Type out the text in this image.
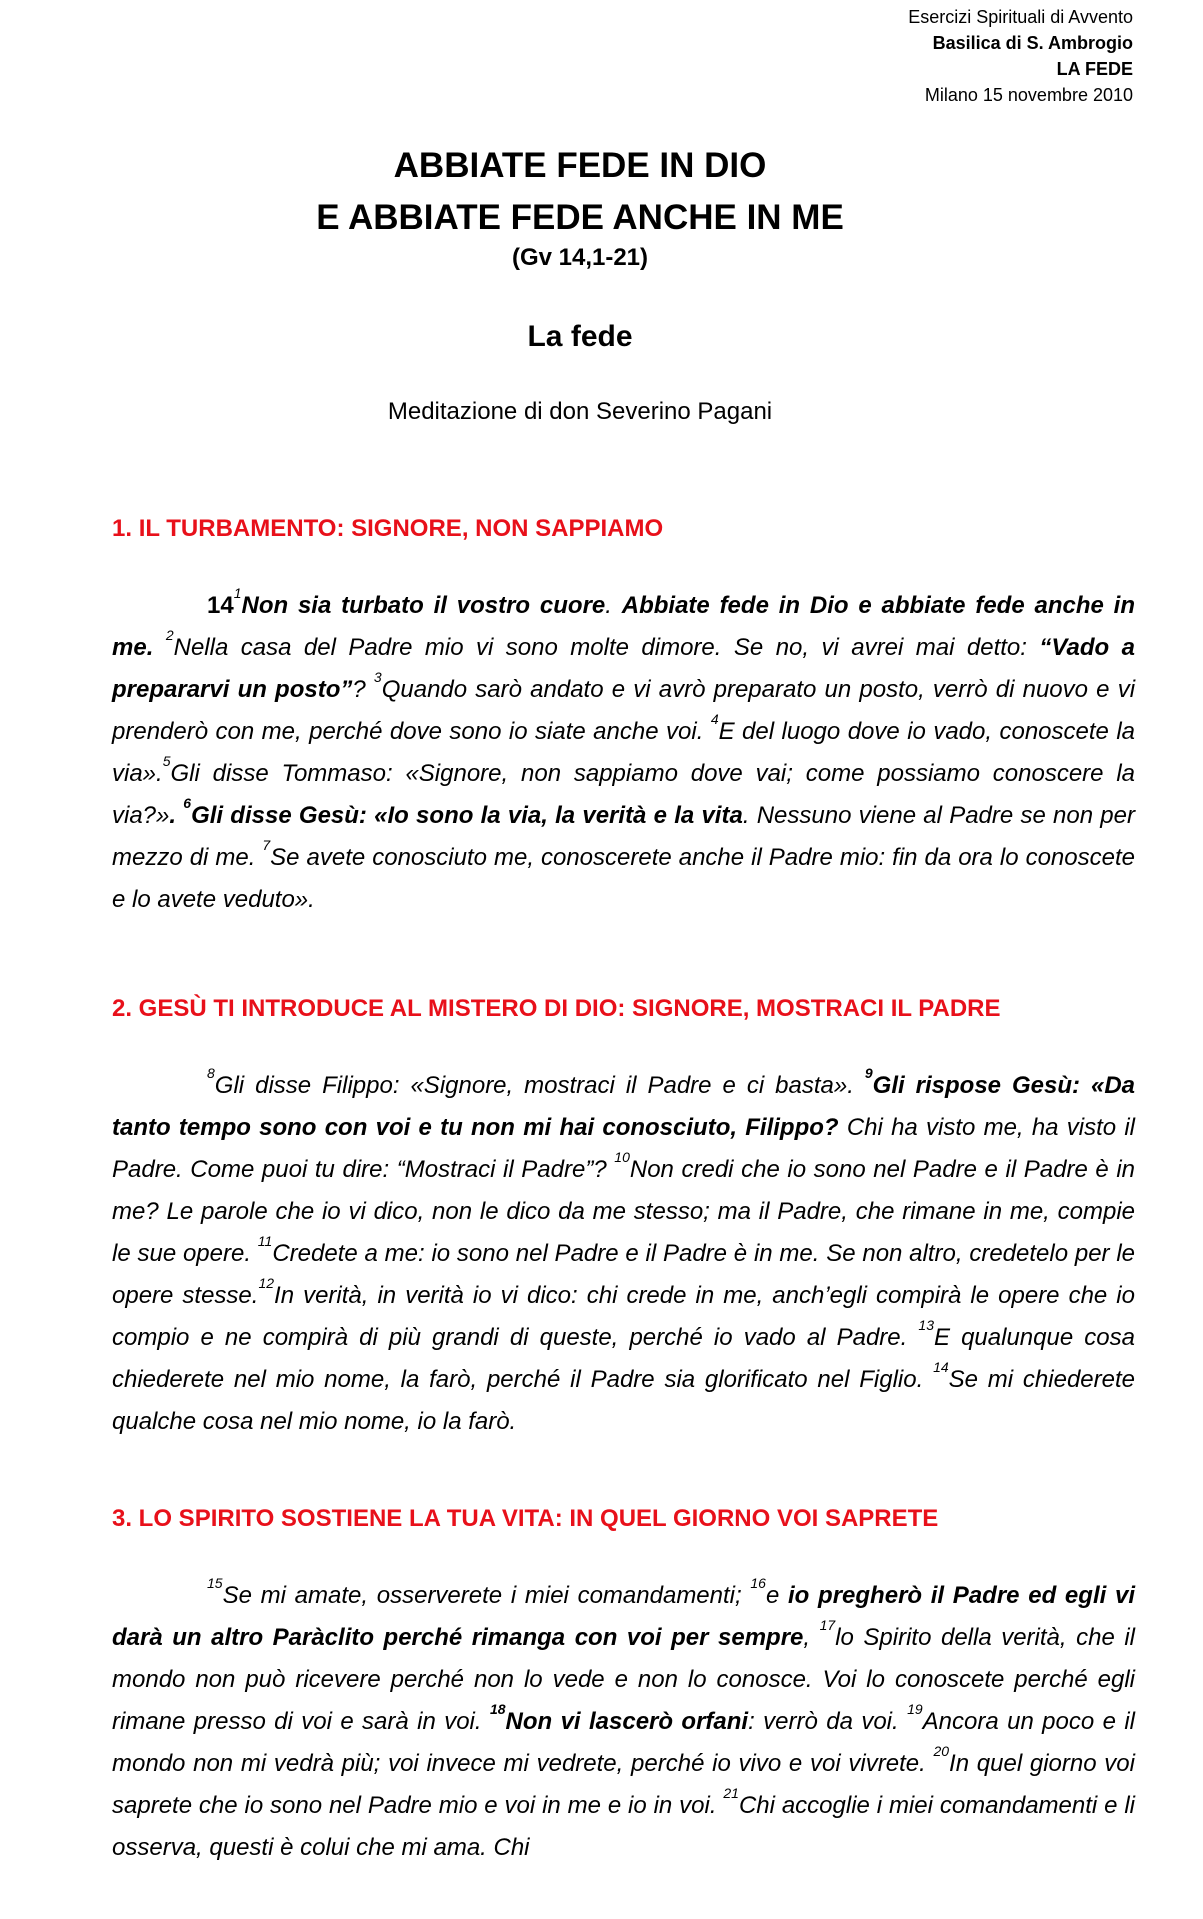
Esercizi Spirituali di Avvento
Basilica di S. Ambrogio
LA FEDE
Milano 15 novembre 2010
ABBIATE FEDE IN DIO
E ABBIATE FEDE ANCHE IN ME
(Gv 14,1-21)
La fede
Meditazione di don Severino Pagani
1. IL TURBAMENTO: SIGNORE, NON SAPPIAMO
$14^1Non$ sia turbato il vostro cuore. Abbiate fede in Dio e abbiate fede anche in me. $^2$Nella casa del Padre mio vi sono molte dimore. Se no, vi avrei mai detto: “Vado a prepararvi un posto”? $^3$Quando sarò andato e vi avrò preparato un posto, verrò di nuovo e vi prenderò con me, perché dove sono io siate anche voi. $^4$E del luogo dove io vado, conoscete la via».$^5$Gli disse Tommaso: «Signore, non sappiamo dove vai; come possiamo conoscere la via?». $^6$Gli disse Gesù: «Io sono la via, la verità e la vita. Nessuno viene al Padre se non per mezzo di me. $^7$Se avete conosciuto me, conoscerete anche il Padre mio: fin da ora lo conoscete e lo avete veduto».
2. GESÙ TI INTRODUCE AL MISTERO DI DIO: SIGNORE, MOSTRACI IL PADRE
$^8$Gli disse Filippo: «Signore, mostraci il Padre e ci basta». $^9$Gli rispose Gesù: «Da tanto tempo sono con voi e tu non mi hai conosciuto, Filippo? Chi ha visto me, ha visto il Padre. Come puoi tu dire: “Mostraci il Padre”? $^{10}$Non credi che io sono nel Padre e il Padre è in me? Le parole che io vi dico, non le dico da me stesso; ma il Padre, che rimane in me, compie le sue opere. $^{11}$Credete a me: io sono nel Padre e il Padre è in me. Se non altro, credetelo per le opere stesse.$^{12}$In verità, in verità io vi dico: chi crede in me, anch’egli compirà le opere che io compio e ne compirà di più grandi di queste, perché io vado al Padre. $^{13}$E qualunque cosa chiederete nel mio nome, la farò, perché il Padre sia glorificato nel Figlio. $^{14}$Se mi chiederete qualche cosa nel mio nome, io la farò.
3. LO SPIRITO SOSTIENE LA TUA VITA: IN QUEL GIORNO VOI SAPRETE
$^{15}$Se mi amate, osserverete i miei comandamenti; $^{16}$e io pregherò il Padre ed egli vi darà un altro Paràclito perché rimanga con voi per sempre, $^{17}$lo Spirito della verità, che il mondo non può ricevere perché non lo vede e non lo conosce. Voi lo conoscete perché egli rimane presso di voi e sarà in voi. $^{18}$Non vi lascerò orfani: verrò da voi. $^{19}$Ancora un poco e il mondo non mi vedrà più; voi invece mi vedrete, perché io vivo e voi vivrete. $^{20}$In quel giorno voi saprete che io sono nel Padre mio e voi in me e io in voi. $^{21}$Chi accoglie i miei comandamenti e li osserva, questi è colui che mi ama. Chi
